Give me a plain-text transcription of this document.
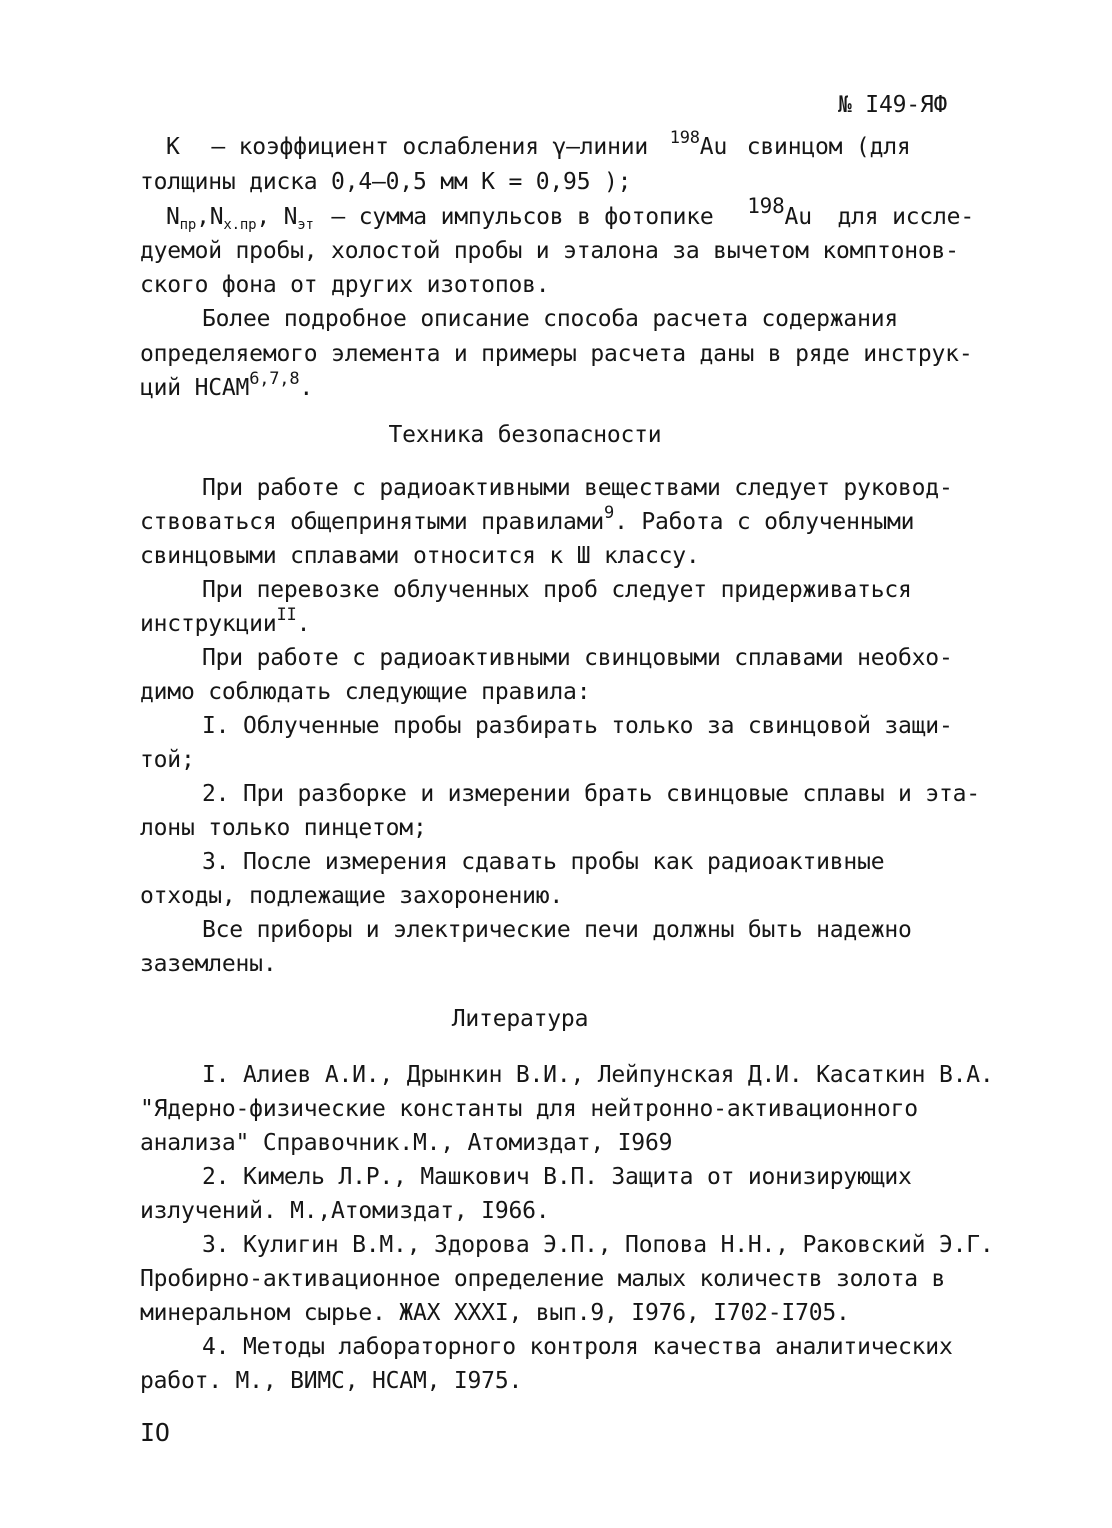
№ I49-ЯФ

К – коэффициент ослабления γ–линии $^{198}$Au свинцом (для

толщины диска 0,4–0,5 мм К = 0,95 );

$N_{пр},N_{х.пр}$, $N_{эт}$ – сумма импульсов в фотопике 198Au для иссле-

дуемой пробы, холостой пробы и эталона за вычетом комптонов-

ского фона от других изотопов.

Более подробное описание способа расчета содержания

определяемого элемента и примеры расчета даны в ряде инструк-

ций НСАМ$^{6,7,8}$.

Техника безопасности

При работе с радиоактивными веществами следует руковод-

ствоваться общепринятыми правилами$^9$. Работа с облученными

свинцовыми сплавами относится к Ш классу.

При перевозке облученных проб следует придерживаться

инструкции$^{II}$.

При работе с радиоактивными свинцовыми сплавами необхо-

димо соблюдать следующие правила:

I. Облученные пробы разбирать только за свинцовой защи-

той;

2. При разборке и измерении брать свинцовые сплавы и эта-

лоны только пинцетом;

3. После измерения сдавать пробы как радиоактивные

отходы, подлежащие захоронению.

Все приборы и электрические печи должны быть надежно

заземлены.

Литература

I. Алиев А.И., Дрынкин В.И., Лейпунская Д.И. Касаткин В.А.

"Ядерно-физические константы для нейтронно-активационного

анализа" Справочник.М., Атомиздат, I969

2. Кимель Л.Р., Машкович В.П. Защита от ионизирующих

излучений. М.,Атомиздат, I966.

3. Кулигин В.М., Здорова Э.П., Попова Н.Н., Раковский Э.Г.

Пробирно-активационное определение малых количеств золота в

минеральном сырье. ЖАХ XXXI, вып.9, I976, I702-I705.

4. Методы лабораторного контроля качества аналитических

работ. М., ВИМС, НСАМ, I975.

IO
